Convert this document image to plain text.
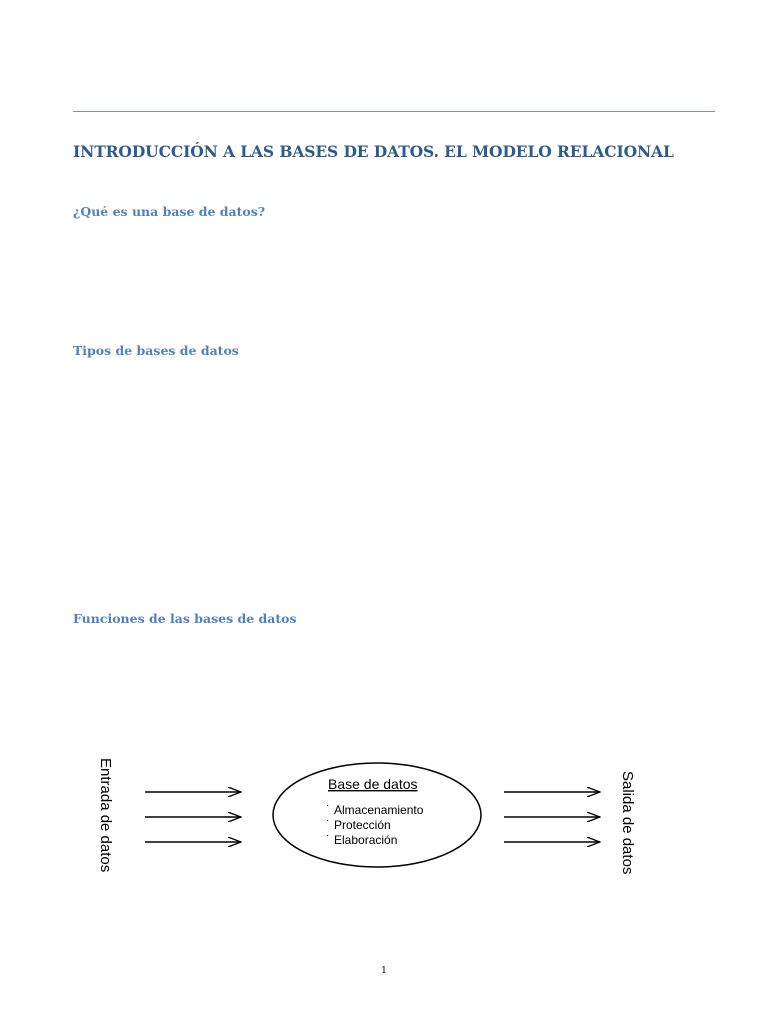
INTRODUCCIÓN A LAS BASES DE DATOS. EL MODELO RELACIONAL
¿Qué es una base de datos?
Tipos de bases de datos
Funciones de las bases de datos
Entrada de datos	Base de datos
· Almacenamiento
· Protección
· Elaboración	Salida de datos
1
